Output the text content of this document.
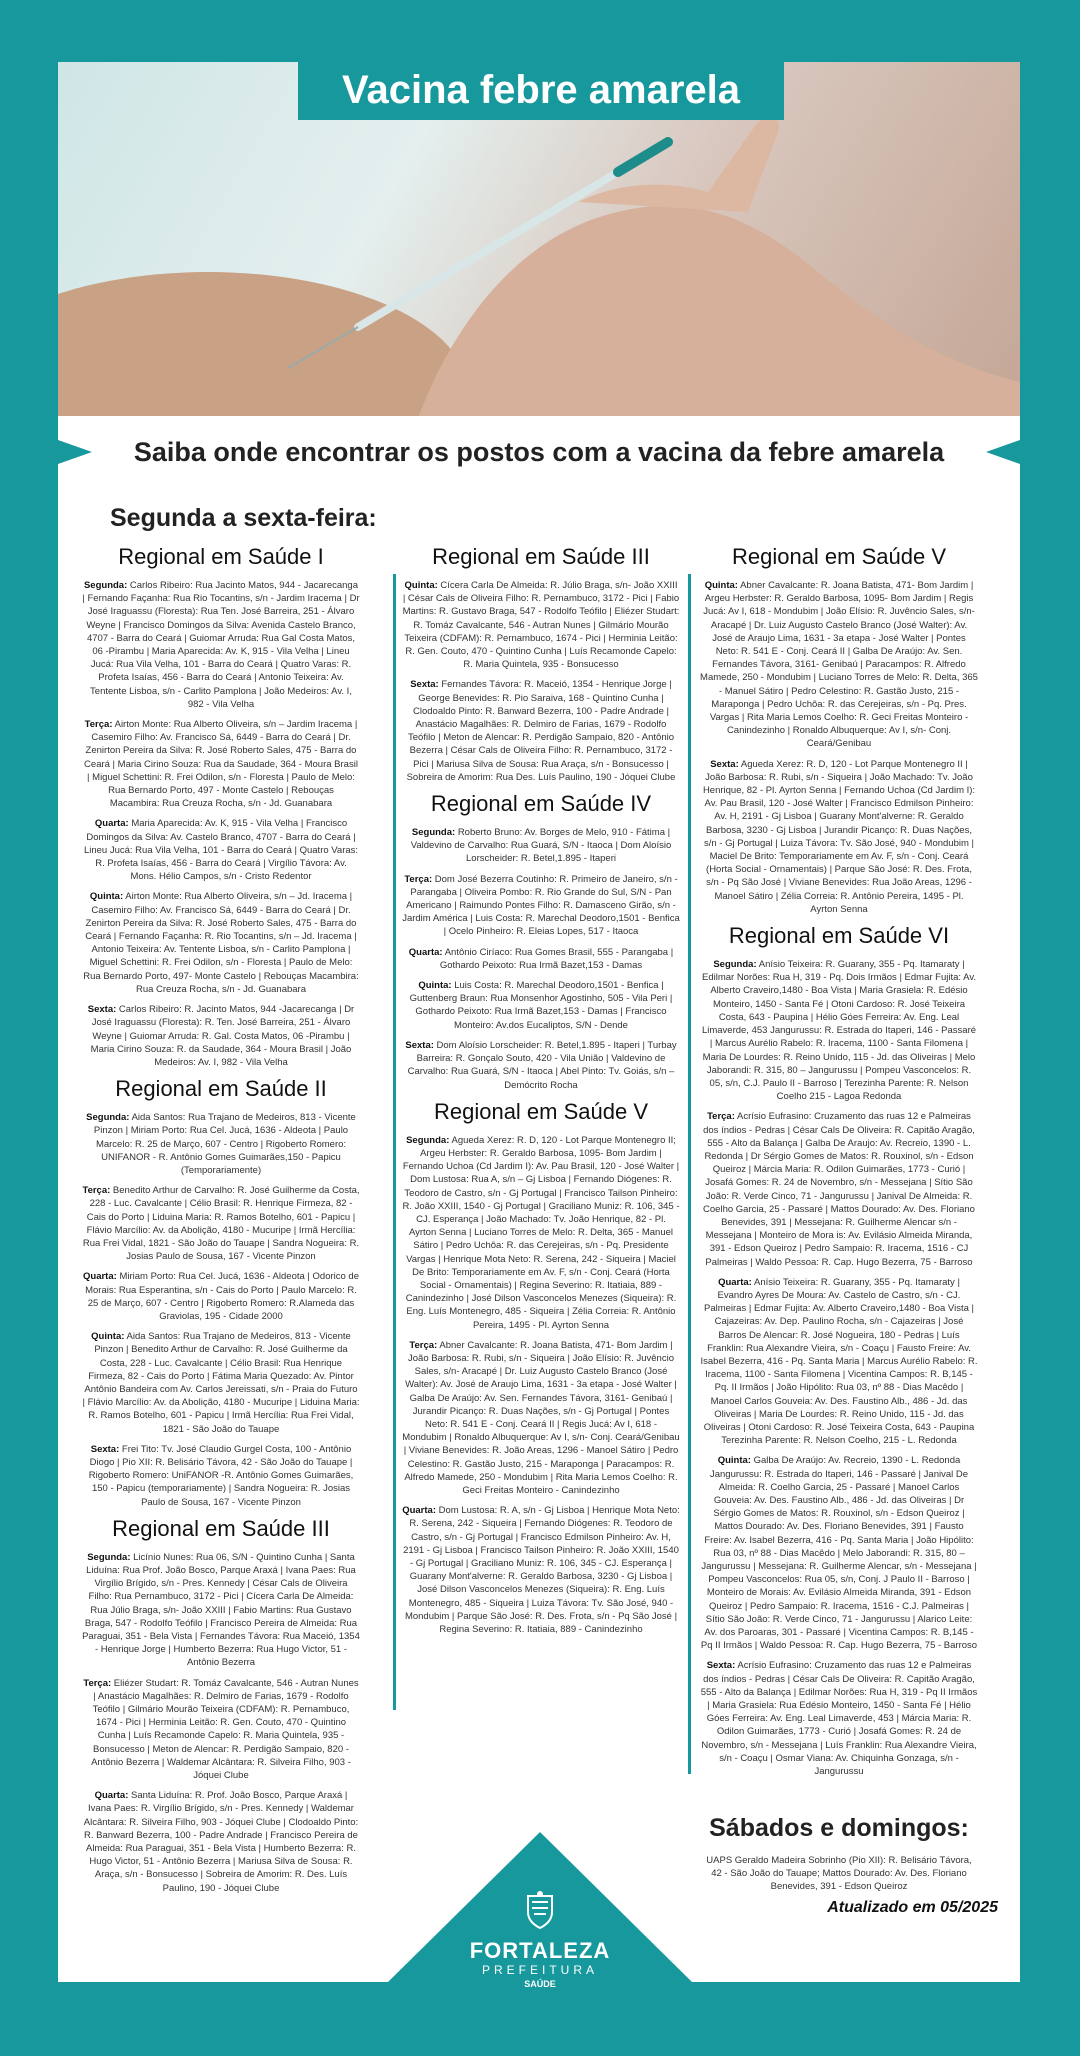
Vacina febre amarela
Saiba onde encontrar os postos com a vacina da febre amarela
Segunda a sexta-feira:
Regional em Saúde I
Segunda: Carlos Ribeiro: Rua Jacinto Matos, 944 - Jacarecanga | Fernando Façanha: Rua Rio Tocantins, s/n - Jardim Iracema | Dr José Iraguassu (Floresta): Rua Ten. José Barreira, 251 - Álvaro Weyne | Francisco Domingos da Silva: Avenida Castelo Branco, 4707 - Barra do Ceará | Guiomar Arruda: Rua Gal Costa Matos, 06 -Pirambu | Maria Aparecida: Av. K, 915 - Vila Velha | Lineu Jucá: Rua Vila Velha, 101 - Barra do Ceará | Quatro Varas: R. Profeta Isaías, 456 - Barra do Ceará | Antonio Teixeira: Av. Tentente Lisboa, s/n - Carlito Pamplona | João Medeiros: Av. I, 982 - Vila Velha
Terça: Airton Monte: Rua Alberto Oliveira, s/n – Jardim Iracema | Casemiro Filho: Av. Francisco Sá, 6449 - Barra do Ceará | Dr. Zenirton Pereira da Silva: R. José Roberto Sales, 475 - Barra do Ceará | Maria Cirino Souza: Rua da Saudade, 364 - Moura Brasil | Miguel Schettini: R. Frei Odilon, s/n - Floresta | Paulo de Melo: Rua Bernardo Porto, 497 - Monte Castelo | Rebouças Macambira: Rua Creuza Rocha, s/n - Jd. Guanabara
Quarta: Maria Aparecida: Av. K, 915 - Vila Velha | Francisco Domingos da Silva: Av. Castelo Branco, 4707 - Barra do Ceará | Lineu Jucá: Rua Vila Velha, 101 - Barra do Ceará | Quatro Varas: R. Profeta Isaías, 456 - Barra do Ceará | Virgílio Távora: Av. Mons. Hélio Campos, s/n - Cristo Redentor
Quinta: Airton Monte: Rua Alberto Oliveira, s/n – Jd. Iracema | Casemiro Filho: Av. Francisco Sá, 6449 - Barra do Ceará | Dr. Zenirton Pereira da Silva: R. José Roberto Sales, 475 - Barra do Ceará | Fernando Façanha: R. Rio Tocantins, s/n – Jd. Iracema | Antonio Teixeira: Av. Tentente Lisboa, s/n - Carlito Pamplona | Miguel Schettini: R. Frei Odilon, s/n - Floresta | Paulo de Melo: Rua Bernardo Porto, 497- Monte Castelo | Rebouças Macambira: Rua Creuza Rocha, s/n - Jd. Guanabara
Sexta: Carlos Ribeiro: R. Jacinto Matos, 944 -Jacarecanga | Dr José Iraguassu (Floresta): R. Ten. José Barreira, 251 - Álvaro Weyne | Guiomar Arruda: R. Gal. Costa Matos, 06 -Pirambu | Maria Cirino Souza: R. da Saudade, 364 - Moura Brasil | João Medeiros: Av. I, 982 - Vila Velha
Regional em Saúde II
Segunda: Aida Santos: Rua Trajano de Medeiros, 813 - Vicente Pinzon | Miriam Porto: Rua Cel. Jucá, 1636 - Aldeota | Paulo Marcelo: R. 25 de Março, 607 - Centro | Rigoberto Romero: UNIFANOR - R. Antônio Gomes Guimarães,150 - Papicu (Temporariamente)
Terça: Benedito Arthur de Carvalho: R. José Guilherme da Costa, 228 - Luc. Cavalcante | Célio Brasil: R. Henrique Firmeza, 82 - Cais do Porto | Liduina Maria: R. Ramos Botelho, 601 - Papicu | Flávio Marcílio: Av. da Abolição, 4180 - Mucuripe | Irmã Hercília: Rua Frei Vidal, 1821 - São João do Tauape | Sandra Nogueira: R. Josias Paulo de Sousa, 167 - Vicente Pinzon
Quarta: Miriam Porto: Rua Cel. Jucá, 1636 - Aldeota | Odorico de Morais: Rua Esperantina, s/n - Cais do Porto | Paulo Marcelo: R. 25 de Março, 607 - Centro | Rigoberto Romero: R.Alameda das Graviolas, 195 - Cidade 2000
Quinta: Aida Santos: Rua Trajano de Medeiros, 813 - Vicente Pinzon | Benedito Arthur de Carvalho: R. José Guilherme da Costa, 228 - Luc. Cavalcante | Célio Brasil: Rua Henrique Firmeza, 82 - Cais do Porto | Fátima Maria Quezado: Av. Pintor Antônio Bandeira com Av. Carlos Jereissati, s/n - Praia do Futuro | Flávio Marcílio: Av. da Abolição, 4180 - Mucuripe | Liduina Maria: R. Ramos Botelho, 601 - Papicu | Irmã Hercília: Rua Frei Vidal, 1821 - São João do Tauape
Sexta: Frei Tito: Tv. José Claudio Gurgel Costa, 100 - Antônio Diogo | Pio XII: R. Belisário Távora, 42 - São João do Tauape | Rigoberto Romero: UniFANOR -R. Antônio Gomes Guimarães, 150 - Papicu (temporariamente) | Sandra Nogueira: R. Josias Paulo de Sousa, 167 - Vicente Pinzon
Regional em Saúde III
Segunda: Licínio Nunes: Rua 06, S/N - Quintino Cunha | Santa Liduína: Rua Prof. João Bosco, Parque Araxá | Ivana Paes: Rua Virgílio Brígido, s/n - Pres. Kennedy | César Cals de Oliveira Filho: Rua Pernambuco, 3172 - Pici | Cícera Carla De Almeida: Rua Júlio Braga, s/n- João XXIII | Fabio Martins: Rua Gustavo Braga, 547 - Rodolfo Teófilo | Francisco Pereira de Almeida: Rua Paraguai, 351 - Bela Vista | Fernandes Távora: Rua Maceió, 1354 - Henrique Jorge | Humberto Bezerra: Rua Hugo Victor, 51 - Antônio Bezerra
Terça: Eliézer Studart: R. Tomáz Cavalcante, 546 - Autran Nunes | Anastácio Magalhães: R. Delmiro de Farias, 1679 - Rodolfo Teófilo | Gilmário Mourão Teixeira (CDFAM): R. Pernambuco, 1674 - Pici | Herminia Leitão: R. Gen. Couto, 470 - Quintino Cunha | Luís Recamonde Capelo: R. Maria Quintela, 935 - Bonsucesso | Meton de Alencar: R. Perdigão Sampaio, 820 - Antônio Bezerra | Waldemar Alcântara: R. Silveira Filho, 903 - Jóquei Clube
Quarta: Santa Liduína: R. Prof. João Bosco, Parque Araxá | Ivana Paes: R. Virgílio Brígido, s/n - Pres. Kennedy | Waldemar Alcântara: R. Silveira Filho, 903 - Jóquei Clube | Clodoaldo Pinto: R. Banward Bezerra, 100 - Padre Andrade | Francisco Pereira de Almeida: Rua Paraguai, 351 - Bela Vista | Humberto Bezerra: R. Hugo Victor, 51 - Antônio Bezerra | Mariusa Silva de Sousa: R. Araça, s/n - Bonsucesso | Sobreira de Amorim: R. Des. Luís Paulino, 190 - Jóquei Clube
Regional em Saúde III
Quinta: Cícera Carla De Almeida: R. Júlio Braga, s/n- João XXIII | César Cals de Oliveira Filho: R. Pernambuco, 3172 - Pici | Fabio Martins: R. Gustavo Braga, 547 - Rodolfo Teófilo | Eliézer Studart: R. Tomáz Cavalcante, 546 - Autran Nunes | Gilmário Mourão Teixeira (CDFAM): R. Pernambuco, 1674 - Pici | Herminia Leitão: R. Gen. Couto, 470 - Quintino Cunha | Luís Recamonde Capelo: R. Maria Quintela, 935 - Bonsucesso
Sexta: Fernandes Távora: R. Maceió, 1354 - Henrique Jorge | George Benevides: R. Pio Saraiva, 168 - Quintino Cunha | Clodoaldo Pinto: R. Banward Bezerra, 100 - Padre Andrade | Anastácio Magalhães: R. Delmiro de Farias, 1679 - Rodolfo Teófilo | Meton de Alencar: R. Perdigão Sampaio, 820 - Antônio Bezerra | César Cals de Oliveira Filho: R. Pernambuco, 3172 - Pici | Mariusa Silva de Sousa: Rua Araça, s/n - Bonsucesso | Sobreira de Amorim: Rua Des. Luís Paulino, 190 - Jóquei Clube
Regional em Saúde IV
Segunda: Roberto Bruno: Av. Borges de Melo, 910 - Fátima | Valdevino de Carvalho: Rua Guará, S/N - Itaoca | Dom Aloísio Lorscheider: R. Betel,1.895 - Itaperi
Terça: Dom José Bezerra Coutinho: R. Primeiro de Janeiro, s/n - Parangaba | Oliveira Pombo: R. Rio Grande do Sul, S/N - Pan Americano | Raimundo Pontes Filho: R. Damasceno Girão, s/n - Jardim América | Luis Costa: R. Marechal Deodoro,1501 - Benfica | Ocelo Pinheiro: R. Eleias Lopes, 517 - Itaoca
Quarta: Antônio Ciríaco: Rua Gomes Brasil, 555 - Parangaba | Gothardo Peixoto: Rua Irmã Bazet,153 - Damas
Quinta: Luis Costa: R. Marechal Deodoro,1501 - Benfica | Guttenberg Braun: Rua Monsenhor Agostinho, 505 - Vila Peri | Gothardo Peixoto: Rua Irmã Bazet,153 - Damas | Francisco Monteiro: Av.dos Eucaliptos, S/N - Dende
Sexta: Dom Aloísio Lorscheider: R. Betel,1.895 - Itaperi | Turbay Barreira: R. Gonçalo Souto, 420 - Vila União | Valdevino de Carvalho: Rua Guará, S/N - Itaoca | Abel Pinto: Tv. Goiás, s/n – Demócrito Rocha
Regional em Saúde V
Segunda: Agueda Xerez: R. D, 120 - Lot Parque Montenegro II; Argeu Herbster: R. Geraldo Barbosa, 1095- Bom Jardim | Fernando Uchoa (Cd Jardim I): Av. Pau Brasil, 120 - José Walter | Dom Lustosa: Rua A, s/n – Gj Lisboa | Fernando Diógenes: R. Teodoro de Castro, s/n - Gj Portugal | Francisco Tailson Pinheiro: R. João XXIII, 1540 - Gj Portugal | Graciliano Muniz: R. 106, 345 - CJ. Esperança | João Machado: Tv. João Henrique, 82 - Pl. Ayrton Senna | Luciano Torres de Melo: R. Delta, 365 - Manuel Sátiro | Pedro Uchôa: R. das Cerejeiras, s/n - Pq. Presidente Vargas | Henrique Mota Neto: R. Serena, 242 - Siqueira | Maciel De Brito: Temporariamente em Av. F, s/n - Conj. Ceará (Horta Social - Ornamentais) | Regina Severino: R. Itatiaia, 889 - Canindezinho | José Dilson Vasconcelos Menezes (Siqueira): R. Eng. Luís Montenegro, 485 - Siqueira | Zélia Correia: R. Antônio Pereira, 1495 - Pl. Ayrton Senna
Terça: Abner Cavalcante: R. Joana Batista, 471- Bom Jardim | João Barbosa: R. Rubi, s/n - Siqueira | João Elísio: R. Juvêncio Sales, s/n- Aracapé | Dr. Luiz Augusto Castelo Branco (José Walter): Av. José de Araujo Lima, 1631 - 3a etapa - José Walter | Galba De Araújo: Av. Sen. Fernandes Távora, 3161- Genibaú | Jurandir Picanço: R. Duas Nações, s/n - Gj Portugal | Pontes Neto: R. 541 E - Conj. Ceará II | Regis Jucá: Av I, 618 - Mondubim | Ronaldo Albuquerque: Av I, s/n- Conj. Ceará/Genibau | Viviane Benevides: R. João Areas, 1296 - Manoel Sátiro | Pedro Celestino: R. Gastão Justo, 215 - Maraponga | Paracampos: R. Alfredo Mamede, 250 - Mondubim | Rita Maria Lemos Coelho: R. Geci Freitas Monteiro - Canindezinho
Quarta: Dom Lustosa: R. A, s/n - Gj Lisboa | Henrique Mota Neto: R. Serena, 242 - Siqueira | Fernando Diógenes: R. Teodoro de Castro, s/n - Gj Portugal | Francisco Edmilson Pinheiro: Av. H, 2191 - Gj Lisboa | Francisco Tailson Pinheiro: R. João XXIII, 1540 - Gj Portugal | Graciliano Muniz: R. 106, 345 - CJ. Esperança | Guarany Mont'alverne: R. Geraldo Barbosa, 3230 - Gj Lisboa | José Dilson Vasconcelos Menezes (Siqueira): R. Eng. Luís Montenegro, 485 - Siqueira | Luiza Távora: Tv. São José, 940 - Mondubim | Parque São José: R. Des. Frota, s/n - Pq São José | Regina Severino: R. Itatiaia, 889 - Canindezinho
Regional em Saúde V
Quinta: Abner Cavalcante: R. Joana Batista, 471- Bom Jardim | Argeu Herbster: R. Geraldo Barbosa, 1095- Bom Jardim | Regis Jucá: Av I, 618 - Mondubim | João Elísio: R. Juvêncio Sales, s/n- Aracapé | Dr. Luiz Augusto Castelo Branco (José Walter): Av. José de Araujo Lima, 1631 - 3a etapa - José Walter | Pontes Neto: R. 541 E - Conj. Ceará II | Galba De Araújo: Av. Sen. Fernandes Távora, 3161- Genibaú | Paracampos: R. Alfredo Mamede, 250 - Mondubim | Luciano Torres de Melo: R. Delta, 365 - Manuel Sátiro | Pedro Celestino: R. Gastão Justo, 215 - Maraponga | Pedro Uchôa: R. das Cerejeiras, s/n - Pq. Pres. Vargas | Rita Maria Lemos Coelho: R. Geci Freitas Monteiro - Canindezinho | Ronaldo Albuquerque: Av I, s/n- Conj. Ceará/Genibau
Sexta: Agueda Xerez: R. D, 120 - Lot Parque Montenegro II | João Barbosa: R. Rubi, s/n - Siqueira | João Machado: Tv. João Henrique, 82 - Pl. Ayrton Senna | Fernando Uchoa (Cd Jardim I): Av. Pau Brasil, 120 - José Walter | Francisco Edmilson Pinheiro: Av. H, 2191 - Gj Lisboa | Guarany Mont'alverne: R. Geraldo Barbosa, 3230 - Gj Lisboa | Jurandir Picanço: R. Duas Nações, s/n - Gj Portugal | Luiza Távora: Tv. São José, 940 - Mondubim | Maciel De Brito: Temporariamente em Av. F, s/n - Conj. Ceará (Horta Social - Ornamentais) | Parque São José: R. Des. Frota, s/n - Pq São José | Viviane Benevides: Rua João Areas, 1296 - Manoel Sátiro | Zélia Correia: R. Antônio Pereira, 1495 - Pl. Ayrton Senna
Regional em Saúde VI
Segunda: Anísio Teixeira: R. Guarany, 355 - Pq. Itamaraty | Edilmar Norões: Rua H, 319 - Pq. Dois Irmãos | Edmar Fujita: Av. Alberto Craveiro,1480 - Boa Vista | Maria Grasiela: R. Edésio Monteiro, 1450 - Santa Fé | Otoni Cardoso: R. José Teixeira Costa, 643 - Paupina | Hélio Góes Ferreira: Av. Eng. Leal Limaverde, 453 Jangurussu: R. Estrada do Itaperi, 146 - Passaré | Marcus Aurélio Rabelo: R. Iracema, 1100 - Santa Filomena | Maria De Lourdes: R. Reino Unido, 115 - Jd. das Oliveiras | Melo Jaborandi: R. 315, 80 – Jangurussu | Pompeu Vasconcelos: R. 05, s/n, C.J. Paulo II - Barroso | Terezinha Parente: R. Nelson Coelho 215 - Lagoa Redonda
Terça: Acrísio Eufrasino: Cruzamento das ruas 12 e Palmeiras dos índios - Pedras | César Cals De Oliveira: R. Capitão Aragão, 555 - Alto da Balança | Galba De Araujo: Av. Recreio, 1390 - L. Redonda | Dr Sérgio Gomes de Matos: R. Rouxinol, s/n - Edson Queiroz | Márcia Maria: R. Odilon Guimarães, 1773 - Curió | Josafá Gomes: R. 24 de Novembro, s/n - Messejana | Sítio São João: R. Verde Cinco, 71 - Jangurussu | Janival De Almeida: R. Coelho Garcia, 25 - Passaré | Mattos Dourado: Av. Des. Floriano Benevides, 391 | Messejana: R. Guilherme Alencar s/n - Messejana | Monteiro de Mora is: Av. Evilásio Almeida Miranda, 391 - Edson Queiroz | Pedro Sampaio: R. Iracema, 1516 - CJ Palmeiras | Waldo Pessoa: R. Cap. Hugo Bezerra, 75 - Barroso
Quarta: Anísio Teixeira: R. Guarany, 355 - Pq. Itamaraty | Evandro Ayres De Moura: Av. Castelo de Castro, s/n - CJ. Palmeiras | Edmar Fujita: Av. Alberto Craveiro,1480 - Boa Vista | Cajazeiras: Av. Dep. Paulino Rocha, s/n - Cajazeiras | José Barros De Alencar: R. José Nogueira, 180 - Pedras | Luís Franklin: Rua Alexandre Vieira, s/n - Coaçu | Fausto Freire: Av. Isabel Bezerra, 416 - Pq. Santa Maria | Marcus Aurélio Rabelo: R. Iracema, 1100 - Santa Filomena | Vicentina Campos: R. B,145 - Pq. II Irmãos | João Hipólito: Rua 03, nº 88 - Dias Macêdo | Manoel Carlos Gouveia: Av. Des. Faustino Alb., 486 - Jd. das Oliveiras | Maria De Lourdes: R. Reino Unido, 115 - Jd. das Oliveiras | Otoni Cardoso: R. José Teixeira Costa, 643 - Paupina Terezinha Parente: R. Nelson Coelho, 215 - L. Redonda
Quinta: Galba De Araújo: Av. Recreio, 1390 - L. Redonda Jangurussu: R. Estrada do Itaperi, 146 - Passaré | Janival De Almeida: R. Coelho Garcia, 25 - Passaré | Manoel Carlos Gouveia: Av. Des. Faustino Alb., 486 - Jd. das Oliveiras | Dr Sérgio Gomes de Matos: R. Rouxinol, s/n - Edson Queiroz | Mattos Dourado: Av. Des. Floriano Benevides, 391 | Fausto Freire: Av. Isabel Bezerra, 416 - Pq. Santa Maria | João Hipólito: Rua 03, nº 88 - Dias Macêdo | Melo Jaborandi: R. 315, 80 – Jangurussu | Messejana: R. Guilherme Alencar, s/n - Messejana | Pompeu Vasconcelos: Rua 05, s/n, Conj. J Paulo II - Barroso | Monteiro de Morais: Av. Evilásio Almeida Miranda, 391 - Edson Queiroz | Pedro Sampaio: R. Iracema, 1516 - C.J. Palmeiras | Sítio São João: R. Verde Cinco, 71 - Jangurussu | Alarico Leite: Av. dos Paroaras, 301 - Passaré | Vicentina Campos: R. B,145 - Pq II Irmãos | Waldo Pessoa: R. Cap. Hugo Bezerra, 75 - Barroso
Sexta: Acrísio Eufrasino: Cruzamento das ruas 12 e Palmeiras dos índios - Pedras | César Cals De Oliveira: R. Capitão Aragão, 555 - Alto da Balança | Edilmar Norões: Rua H, 319 - Pq II Irmãos | Maria Grasiela: Rua Edésio Monteiro, 1450 - Santa Fé | Hélio Góes Ferreira: Av. Eng. Leal Limaverde, 453 | Márcia Maria: R. Odilon Guimarães, 1773 - Curió | Josafá Gomes: R. 24 de Novembro, s/n - Messejana | Luís Franklin: Rua Alexandre Vieira, s/n - Coaçu | Osmar Viana: Av. Chiquinha Gonzaga, s/n - Jangurussu
Sábados e domingos:
UAPS Geraldo Madeira Sobrinho (Pio XII): R. Belisário Távora, 42 - São João do Tauape; Mattos Dourado: Av. Des. Floriano Benevides, 391 - Edson Queiroz
Atualizado em 05/2025
FORTALEZA
PREFEITURA
SAÚDE
